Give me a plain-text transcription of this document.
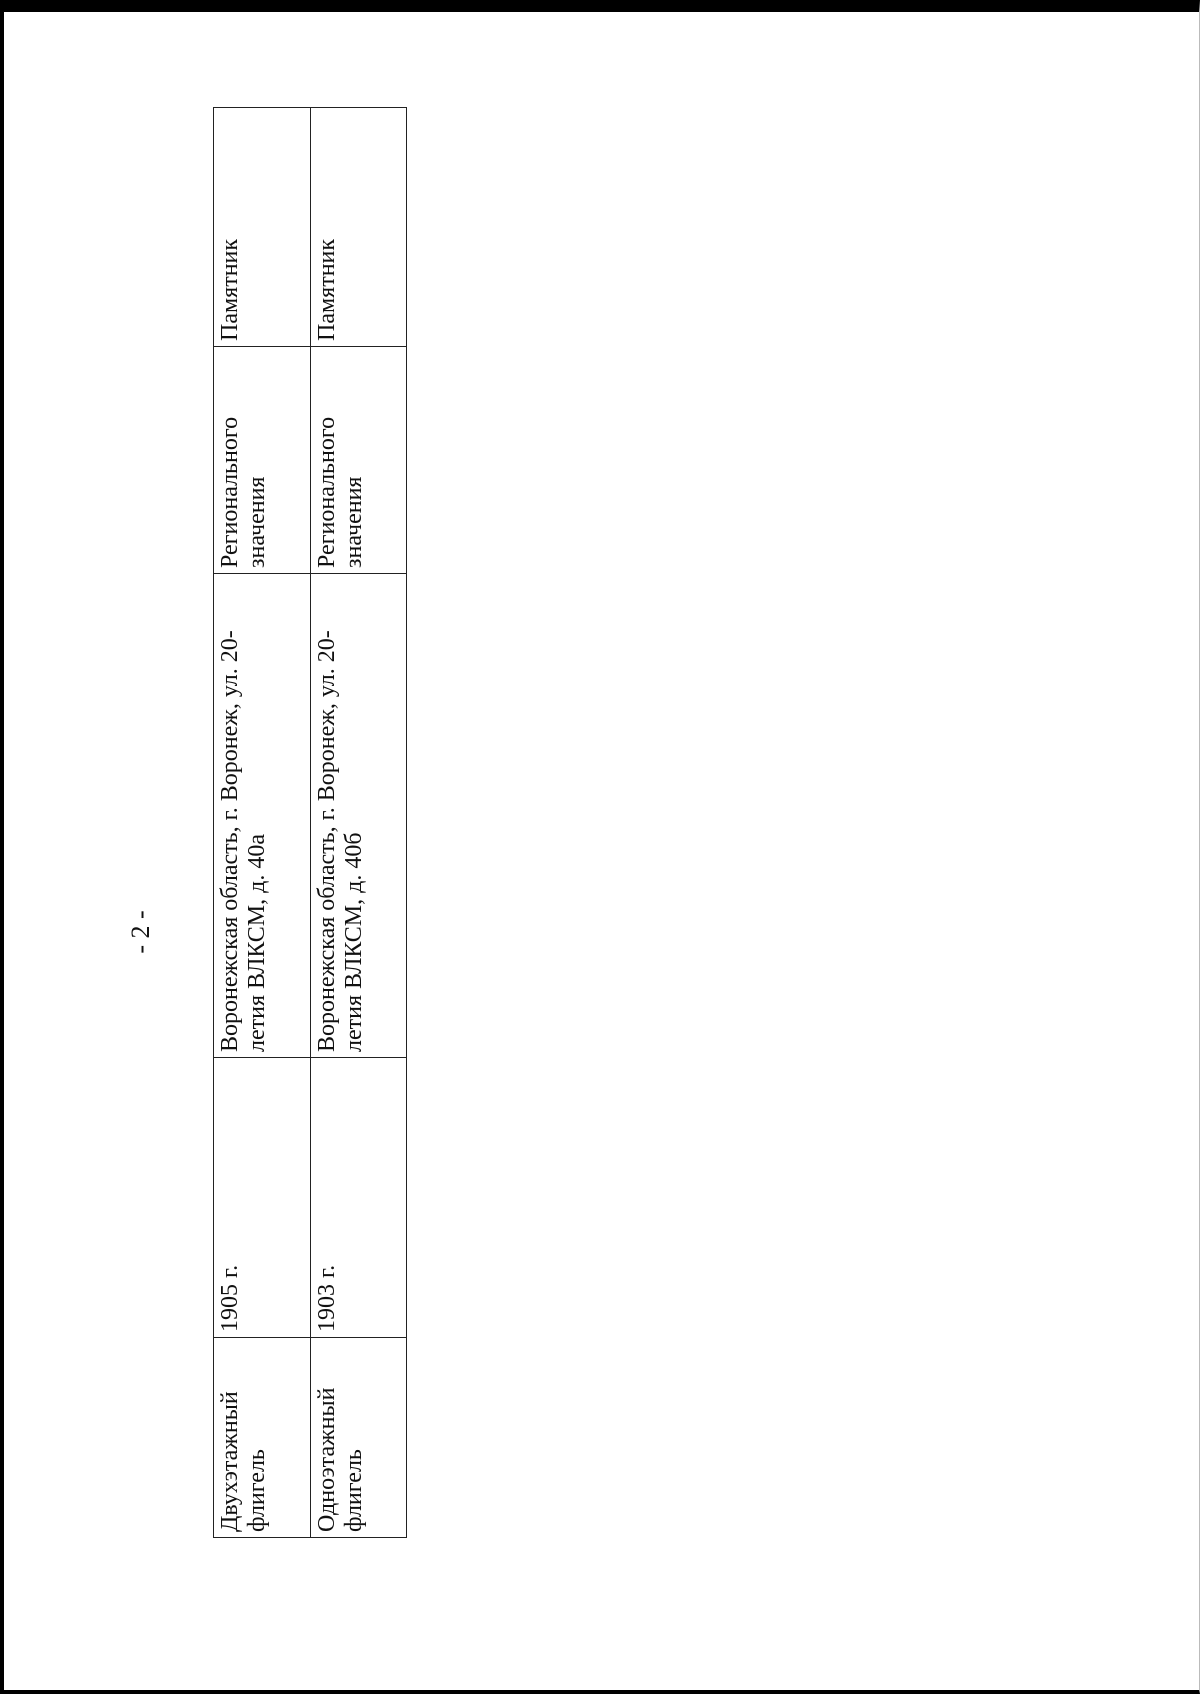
- 2 -
Двухэтажный флигель	1905 г.	Воронежская область, г. Воронеж, ул. 20-летия ВЛКСМ, д. 40а	Регионального значения	Памятник
Одноэтажный флигель	1903 г.	Воронежская область, г. Воронеж, ул. 20-летия ВЛКСМ, д. 40б	Регионального значения	Памятник
